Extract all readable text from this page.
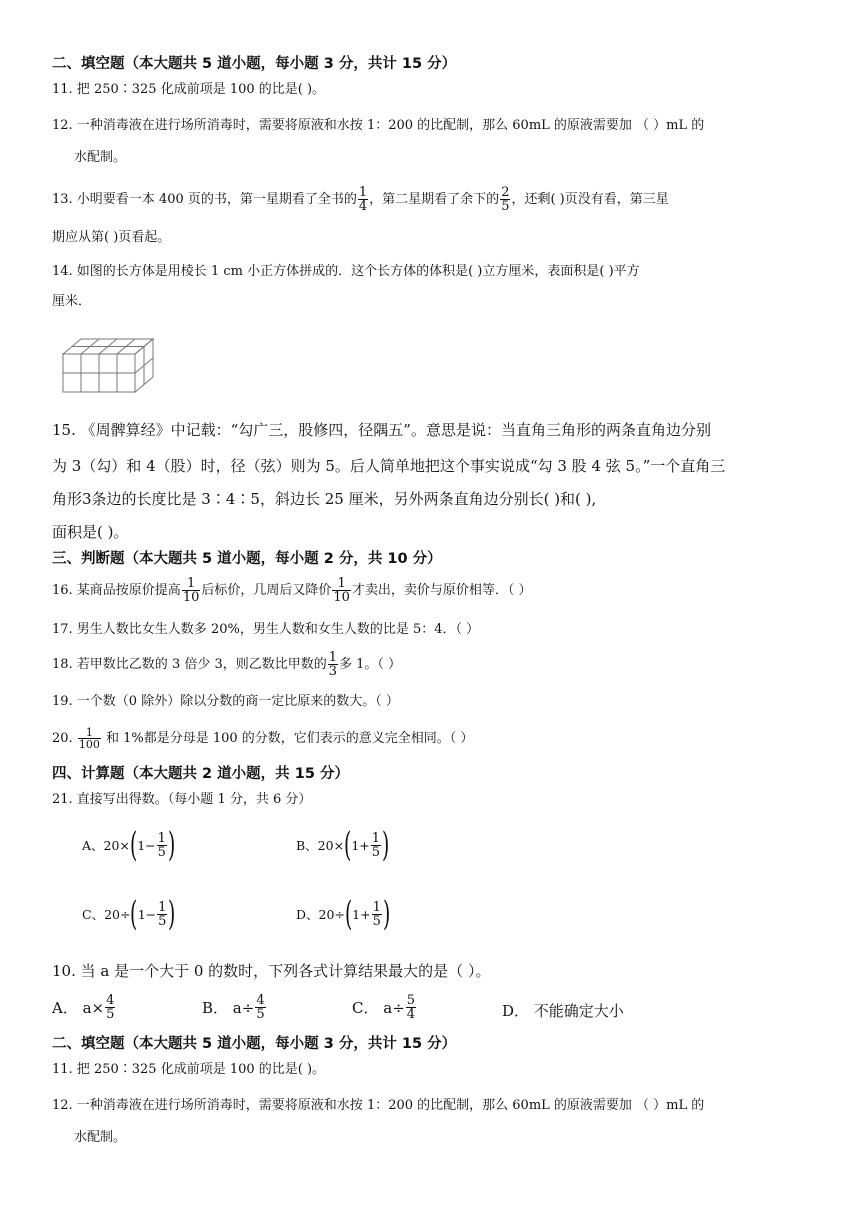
二、填空题（本大题共 5 道小题，每小题 3 分，共计 15 分）
11. 把 250∶325 化成前项是 100 的比是( )。
12. 一种消毒液在进行场所消毒时，需要将原液和水按 1：200 的比配制，那么 60mL 的原液需要加 （ ）mL 的
水配制。
13. 小明要看一本 400 页的书，第一星期看了全书的 $\frac{1}{4}$ ，第二星期看了余下的 $\frac{2}{5}$ ，还剩( )页没有看，第三星
期应从第( )页看起。
14. 如图的长方体是用棱长 1 cm 小正方体拼成的．这个长方体的体积是( )立方厘米，表面积是( )平方
厘米．
15. 《周髀算经》中记载：“勾广三，股修四，径隅五”。意思是说：当直角三角形的两条直角边分别
为 3（勾）和 4（股）时，径（弦）则为 5。后人简单地把这个事实说成“勾 3 股 4 弦 5。”一个直角三
角形3条边的长度比是 3∶4∶5，斜边长 25 厘米，另外两条直角边分别长( )和( ),
面积是( )。
三、判断题（本大题共 5 道小题，每小题 2 分，共 10 分）
16. 某商品按原价提高 $\frac{1}{10}$ 后标价，几周后又降价 $\frac{1}{10}$ 才卖出，卖价与原价相等．（ ）
17. 男生人数比女生人数多 20%，男生人数和女生人数的比是 5：4．（ ）
18. 若甲数比乙数的 3 倍少 3，则乙数比甲数的 $\frac{1}{3}$ 多 1。（ ）
19. 一个数（0 除外）除以分数的商一定比原来的数大。（ ）
20. $\frac{1}{100}$ 和 1%都是分母是 100 的分数，它们表示的意义完全相同。（ ）
四、计算题（本大题共 2 道小题，共 15 分）
21. 直接写出得数。（每小题 1 分，共 6 分）
A、20× ( $1- \frac{1}{5}$ )	B、20× ( $1+ \frac{1}{5}$ )
C、20÷ ( $1- \frac{1}{5}$ )	D、20÷ ( $1+ \frac{1}{5}$ )
10. 当 a 是一个大于 0 的数时，下列各式计算结果最大的是（ ）。
A． $a\times \frac{4}{5}$	B． $a\div \frac{4}{5}$	C． $a\div \frac{5}{4}$	D． 不能确定大小
二、填空题（本大题共 5 道小题，每小题 3 分，共计 15 分）
11. 把 250∶325 化成前项是 100 的比是( )。
12. 一种消毒液在进行场所消毒时，需要将原液和水按 1：200 的比配制，那么 60mL 的原液需要加 （ ）mL 的
水配制。
